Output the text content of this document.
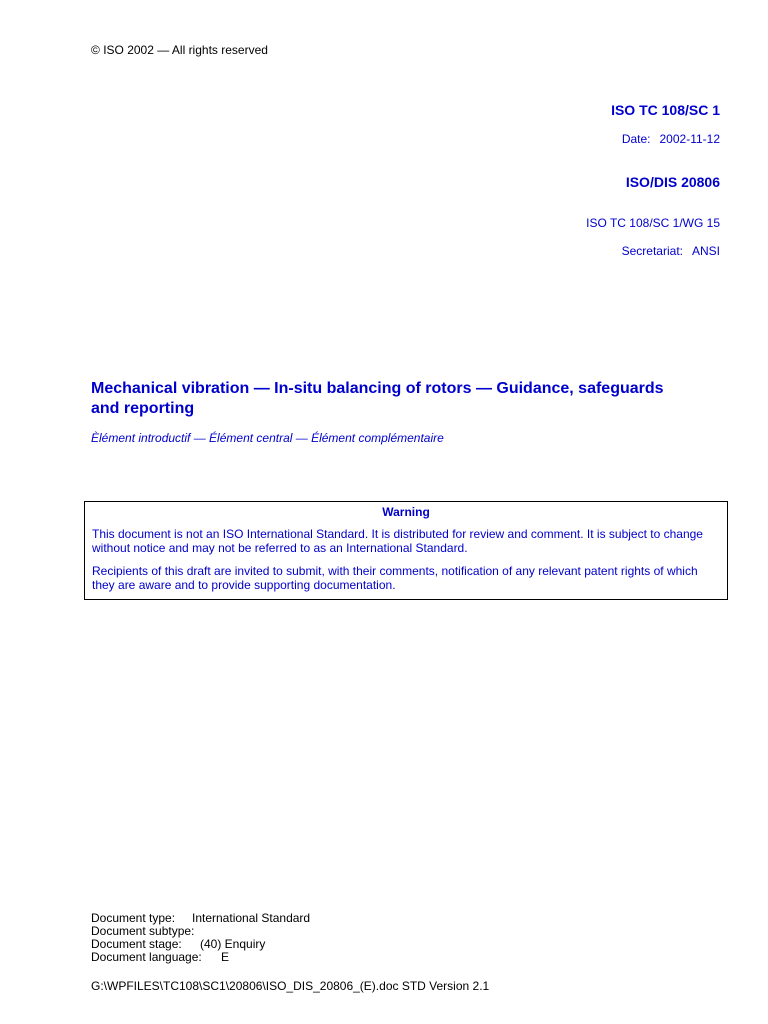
© ISO 2002 — All rights reserved
ISO TC 108/SC 1
Date: 2002-11-12
ISO/DIS 20806
ISO TC 108/SC 1/WG 15
Secretariat: ANSI
Mechanical vibration — In-situ balancing of rotors — Guidance, safeguards and reporting
Èlément introductif — Élément central — Élément complémentaire
Warning

This document is not an ISO International Standard. It is distributed for review and comment. It is subject to change without notice and may not be referred to as an International Standard.

Recipients of this draft are invited to submit, with their comments, notification of any relevant patent rights of which they are aware and to provide supporting documentation.

Document type: International Standard
Document subtype:
Document stage: (40) Enquiry
Document language: E
G:\WPFILES\TC108\SC1\20806\ISO_DIS_20806_(E).doc STD Version 2.1
